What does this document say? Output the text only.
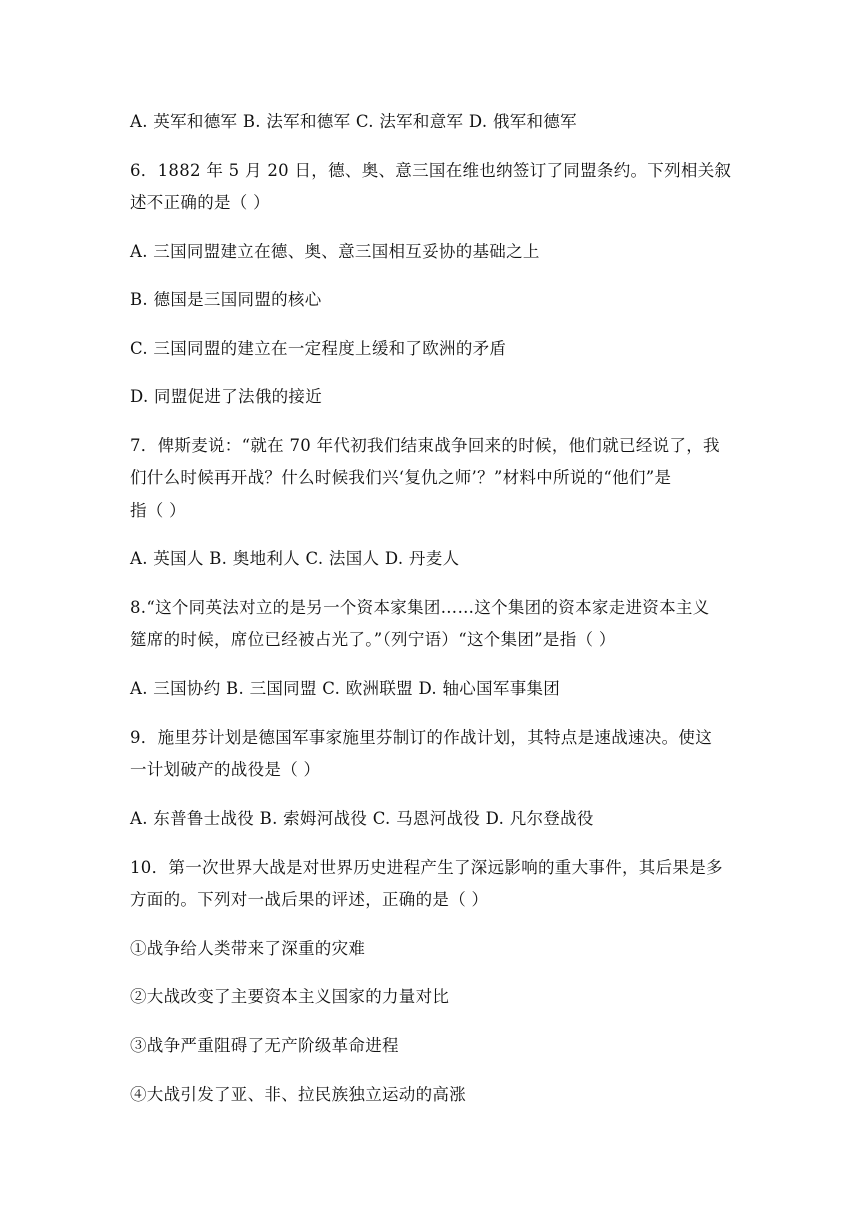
A. 英军和德军 B. 法军和德军 C. 法军和意军 D. 俄军和德军
6．1882 年 5 月 20 日，德、奥、意三国在维也纳签订了同盟条约。下列相关叙
述不正确的是（ ）
A. 三国同盟建立在德、奥、意三国相互妥协的基础之上
B. 德国是三国同盟的核心
C. 三国同盟的建立在一定程度上缓和了欧洲的矛盾
D. 同盟促进了法俄的接近
7．俾斯麦说：“就在 70 年代初我们结束战争回来的时候，他们就已经说了，我
们什么时候再开战？什么时候我们兴‘复仇之师’？”材料中所说的“他们”是
指（ ）
A. 英国人 B. 奥地利人 C. 法国人 D. 丹麦人
8.“这个同英法对立的是另一个资本家集团……这个集团的资本家走进资本主义
筵席的时候，席位已经被占光了。”（列宁语）“这个集团”是指（ ）
A. 三国协约 B. 三国同盟 C. 欧洲联盟 D. 轴心国军事集团
9．施里芬计划是德国军事家施里芬制订的作战计划，其特点是速战速决。使这
一计划破产的战役是（ ）
A. 东普鲁士战役 B. 索姆河战役 C. 马恩河战役 D. 凡尔登战役
10．第一次世界大战是对世界历史进程产生了深远影响的重大事件，其后果是多
方面的。下列对一战后果的评述，正确的是（ ）
①战争给人类带来了深重的灾难
②大战改变了主要资本主义国家的力量对比
③战争严重阻碍了无产阶级革命进程
④大战引发了亚、非、拉民族独立运动的高涨
